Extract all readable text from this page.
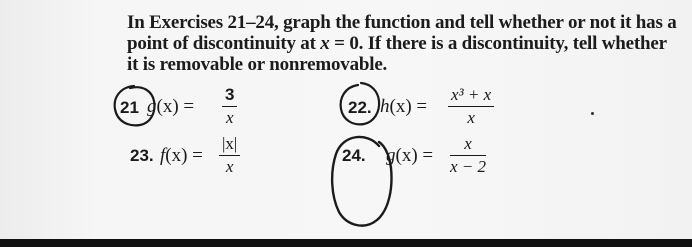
In Exercises 21–24, graph the function and tell whether or not it has a

point of discontinuity at x = 0. If there is a discontinuity, tell whether

it is removable or nonremovable.

21 g(x) =
3
x
22. h(x) =
x³ + x
x
23. f(x) =
|x|
x
24. g(x) =
x
x − 2
